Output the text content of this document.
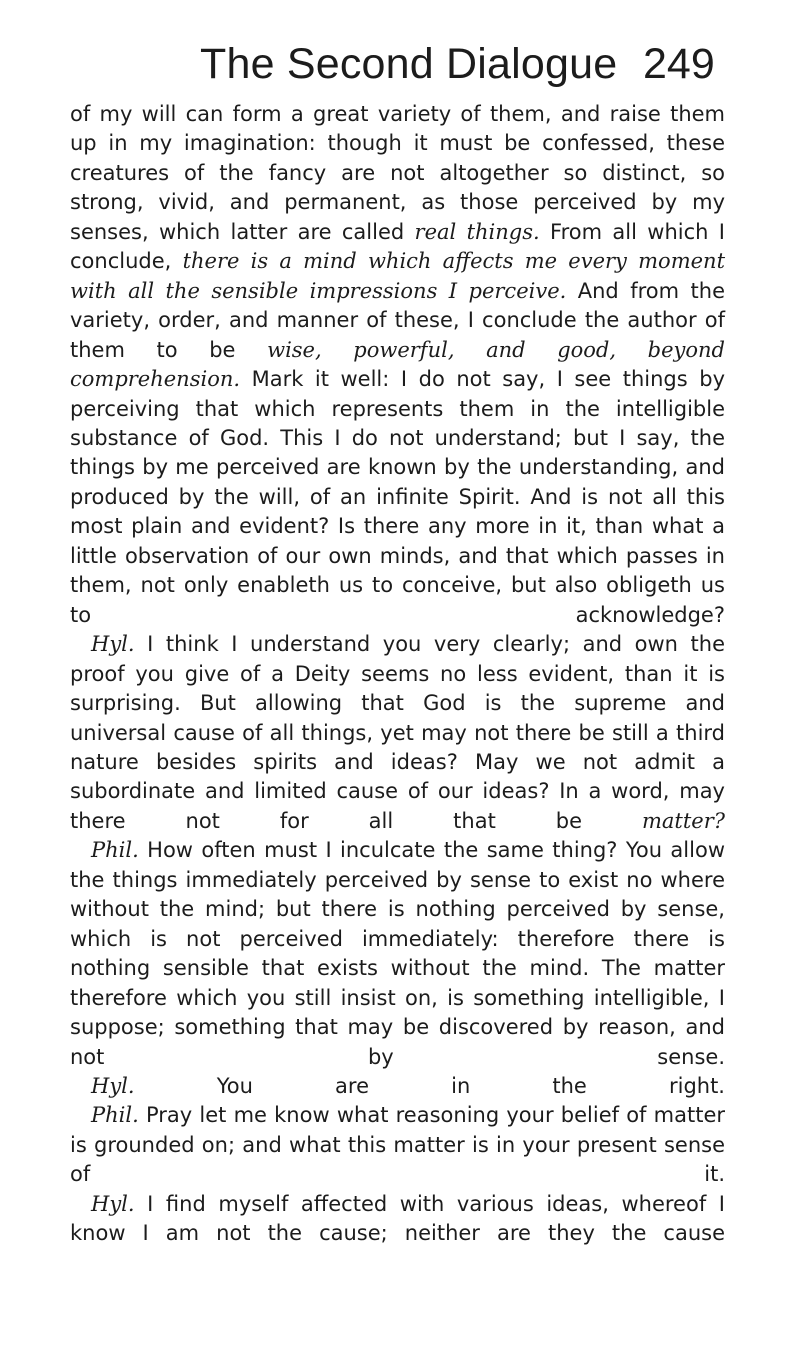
The Second Dialogue 249

of my will can form a great variety of them, and raise them up in my imagination: though it must be confessed, these creatures of the fancy are not altogether so distinct, so strong, vivid, and permanent, as those perceived by my senses, which latter are called real things. From all which I conclude, there is a mind which affects me every moment with all the sensible impressions I perceive. And from the variety, order, and manner of these, I conclude the author of them to be wise, powerful, and good, beyond comprehension. Mark it well: I do not say, I see things by perceiving that which represents them in the intelligible substance of God. This I do not understand; but I say, the things by me perceived are known by the understanding, and produced by the will, of an infinite Spirit. And is not all this most plain and evident? Is there any more in it, than what a little observation of our own minds, and that which passes in them, not only enableth us to conceive, but also obligeth us to acknowledge?

Hyl. I think I understand you very clearly; and own the proof you give of a Deity seems no less evident, than it is surprising. But allowing that God is the supreme and universal cause of all things, yet may not there be still a third nature besides spirits and ideas? May we not admit a subordinate and limited cause of our ideas? In a word, may there not for all that be matter?

Phil. How often must I inculcate the same thing? You allow the things immediately perceived by sense to exist no where without the mind; but there is nothing perceived by sense, which is not perceived immediately: therefore there is nothing sensible that exists without the mind. The matter therefore which you still insist on, is something intelligible, I suppose; something that may be discovered by reason, and not by sense.

Hyl. You are in the right.

Phil. Pray let me know what reasoning your belief of matter is grounded on; and what this matter is in your present sense of it.

Hyl. I find myself affected with various ideas, whereof I know I am not the cause; neither are they the cause
